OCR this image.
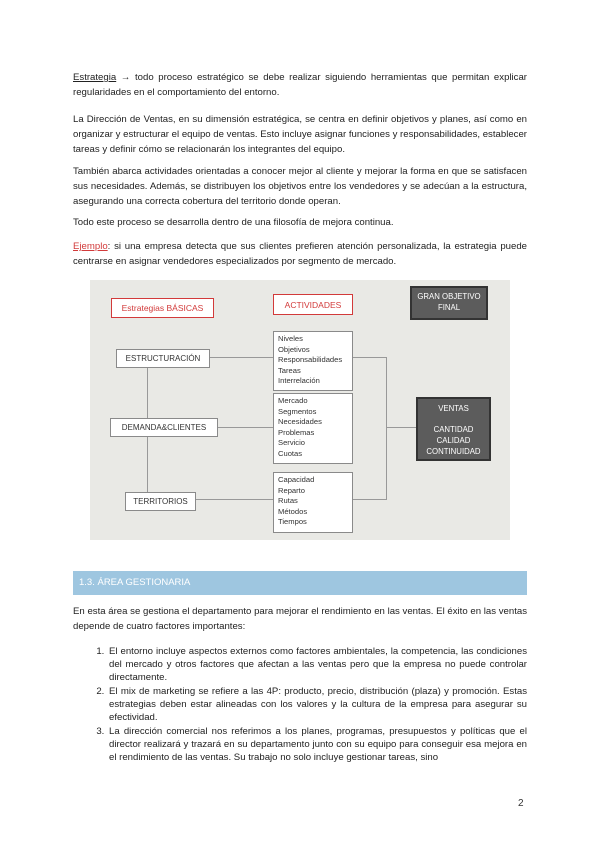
Estrategia → todo proceso estratégico se debe realizar siguiendo herramientas que permitan explicar regularidades en el comportamiento del entorno.

La Dirección de Ventas, en su dimensión estratégica, se centra en definir objetivos y planes, así como en organizar y estructurar el equipo de ventas. Esto incluye asignar funciones y responsabilidades, establecer tareas y definir cómo se relacionarán los integrantes del equipo.

También abarca actividades orientadas a conocer mejor al cliente y mejorar la forma en que se satisfacen sus necesidades. Además, se distribuyen los objetivos entre los vendedores y se adecúan a la estructura, asegurando una correcta cobertura del territorio donde operan.

Todo este proceso se desarrolla dentro de una filosofía de mejora continua.

Ejemplo: si una empresa detecta que sus clientes prefieren atención personalizada, la estrategia puede centrarse en asignar vendedores especializados por segmento de mercado.

Estrategias BÁSICAS	ACTIVIDADES
ESTRUCTURACIÓN
DEMANDA&CLIENTES
TERRITORIOS
Niveles
Objetivos
Responsabilidades
Tareas
Interrelación
Mercado
Segmentos
Necesidades
Problemas
Servicio
Cuotas
Capacidad
Reparto
Rutas
Métodos
Tiempos
GRAN OBJETIVO
FINAL
VENTAS
CANTIDAD
CALIDAD
CONTINUIDAD
1.3. ÁREA GESTIONARIA

En esta área se gestiona el departamento para mejorar el rendimiento en las ventas. El éxito en las ventas depende de cuatro factores importantes:

1. El entorno incluye aspectos externos como factores ambientales, la competencia, las condiciones del mercado y otros factores que afectan a las ventas pero que la empresa no puede controlar directamente.
2. El mix de marketing se refiere a las 4P: producto, precio, distribución (plaza) y promoción. Estas estrategias deben estar alineadas con los valores y la cultura de la empresa para asegurar su efectividad.
3. La dirección comercial nos referimos a los planes, programas, presupuestos y políticas que el director realizará y trazará en su departamento junto con su equipo para conseguir esa mejora en el rendimiento de las ventas. Su trabajo no solo incluye gestionar tareas, sino
2
